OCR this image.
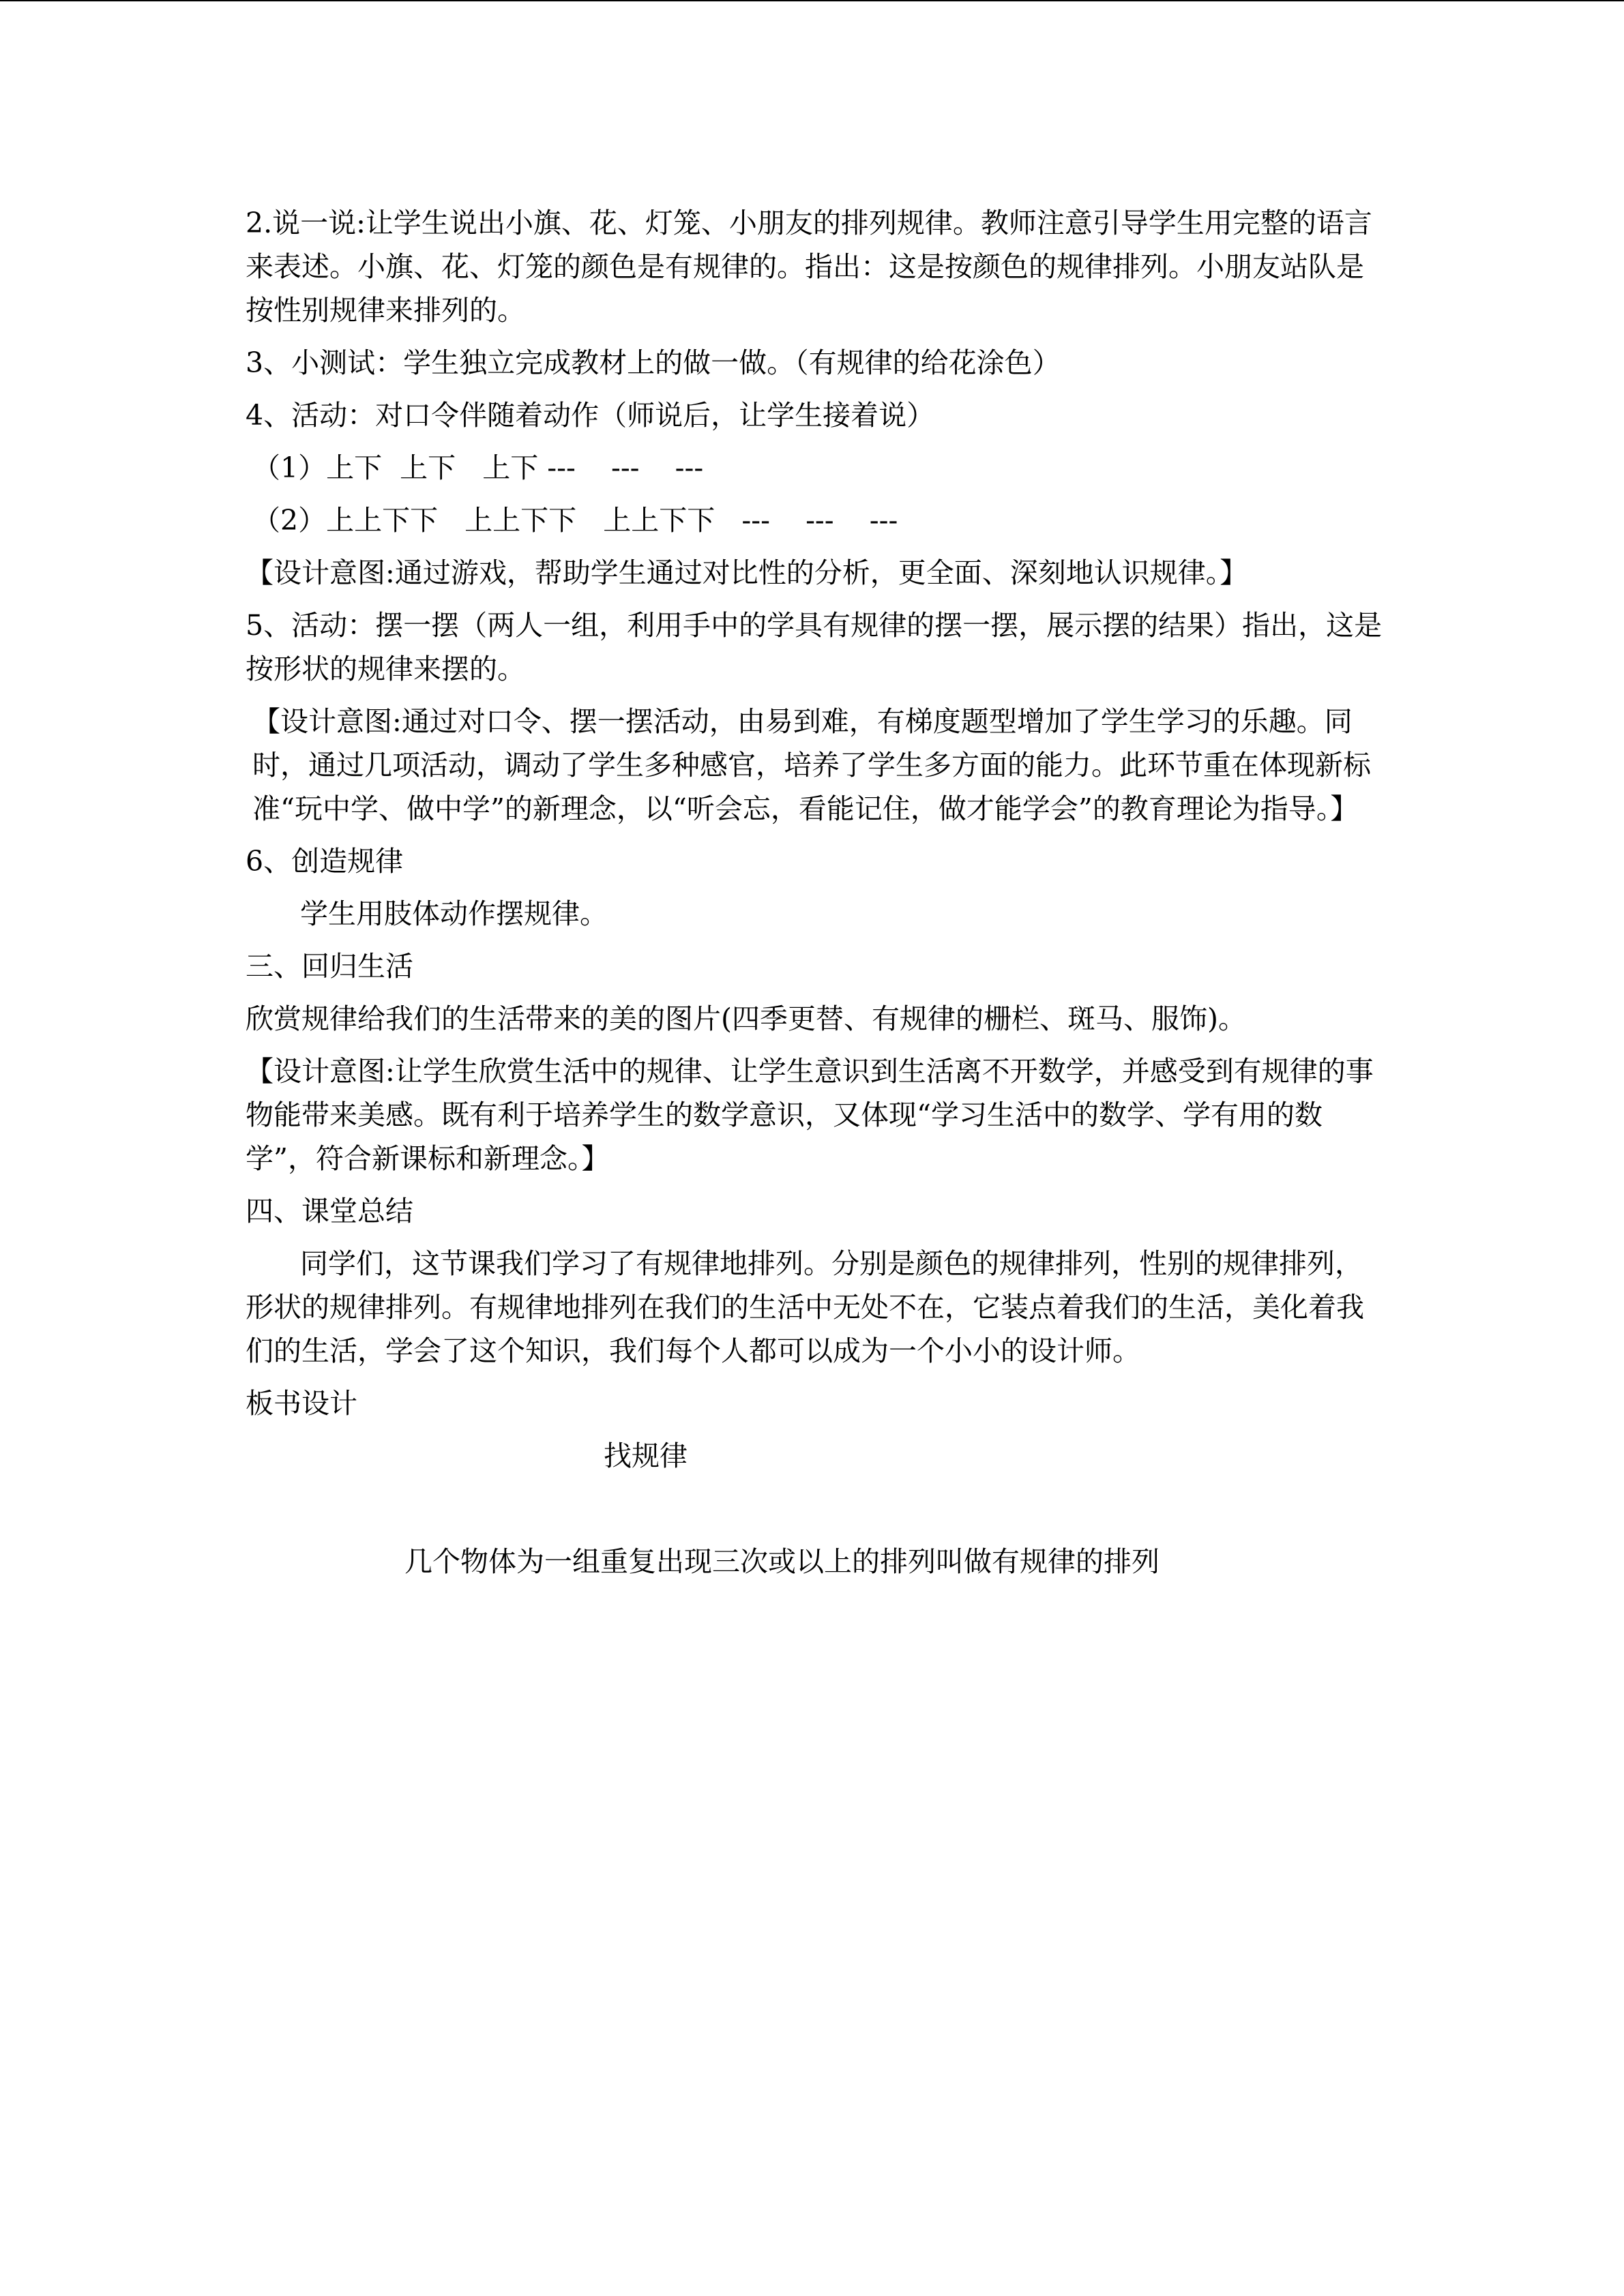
2.说一说:让学生说出小旗、花、灯笼、小朋友的排列规律。教师注意引导学生用完整的语言来表述。小旗、花、灯笼的颜色是有规律的。指出：这是按颜色的规律排列。小朋友站队是按性别规律来排列的。

3、小测试：学生独立完成教材上的做一做。（有规律的给花涂色）

4、活动：对口令伴随着动作（师说后，让学生接着说）

（1）上下  上下   上下 ---    ---    ---

（2）上上下下   上上下下   上上下下   ---    ---    ---

【设计意图:通过游戏，帮助学生通过对比性的分析，更全面、深刻地认识规律。】

5、活动：摆一摆（两人一组，利用手中的学具有规律的摆一摆，展示摆的结果）指出，这是按形状的规律来摆的。

【设计意图:通过对口令、摆一摆活动，由易到难，有梯度题型增加了学生学习的乐趣。同时，通过几项活动，调动了学生多种感官，培养了学生多方面的能力。此环节重在体现新标准“玩中学、做中学”的新理念，以“听会忘，看能记住，做才能学会”的教育理论为指导。】

6、创造规律

学生用肢体动作摆规律。

三、回归生活

欣赏规律给我们的生活带来的美的图片(四季更替、有规律的栅栏、斑马、服饰)。

【设计意图:让学生欣赏生活中的规律、让学生意识到生活离不开数学，并感受到有规律的事物能带来美感。既有利于培养学生的数学意识，又体现“学习生活中的数学、学有用的数学”，符合新课标和新理念。】

四、课堂总结

同学们，这节课我们学习了有规律地排列。分别是颜色的规律排列，性别的规律排列，形状的规律排列。有规律地排列在我们的生活中无处不在，它装点着我们的生活，美化着我们的生活，学会了这个知识，我们每个人都可以成为一个小小的设计师。

板书设计

找规律
几个物体为一组重复出现三次或以上的排列叫做有规律的排列
